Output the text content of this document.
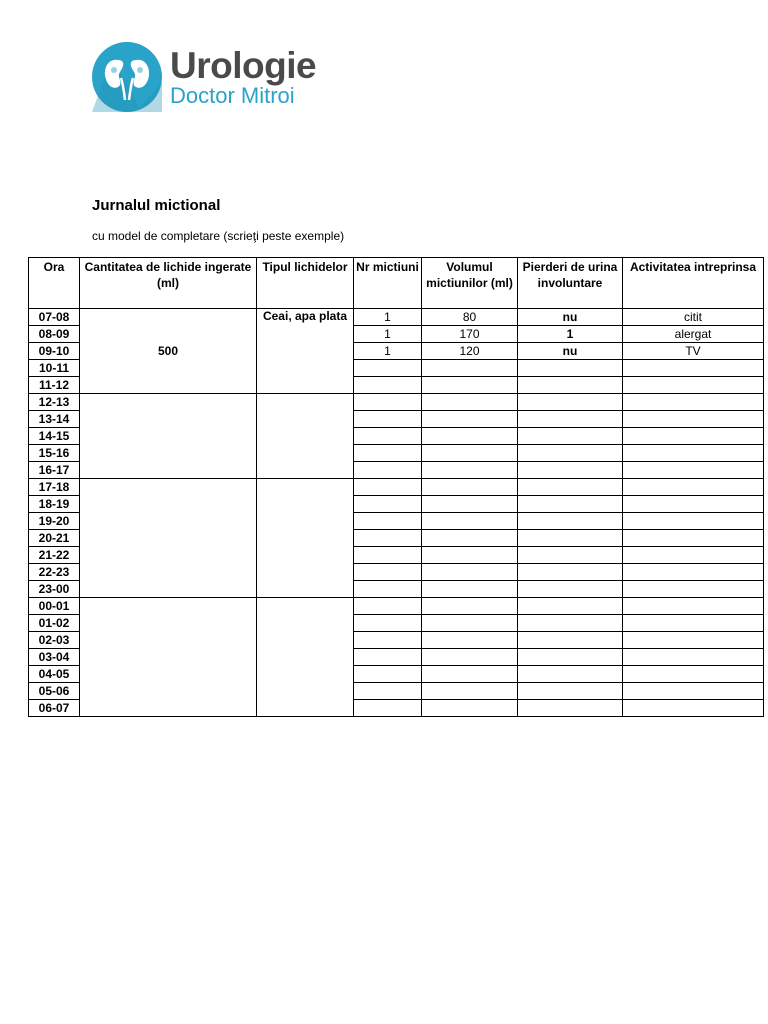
Urologie
Doctor Mitroi
Jurnalul mictional
cu model de completare (scrieţi peste exemple)
Ora	Cantitatea de lichide ingerate (ml)	Tipul lichidelor	Nr mictiuni	Volumul mictiunilor (ml)	Pierderi de urina involuntare	Activitatea intreprinsa
07-08	500	Ceai, apa plata	1	80	nu	citit
08-09			1	170	1	alergat
09-10			1	120	nu	TV
10-11						
11-12						
12-13						
13-14						
14-15						
15-16						
16-17						
17-18						
18-19						
19-20						
20-21						
21-22						
22-23						
23-00						
00-01						
01-02						
02-03						
03-04						
04-05						
05-06						
06-07						
